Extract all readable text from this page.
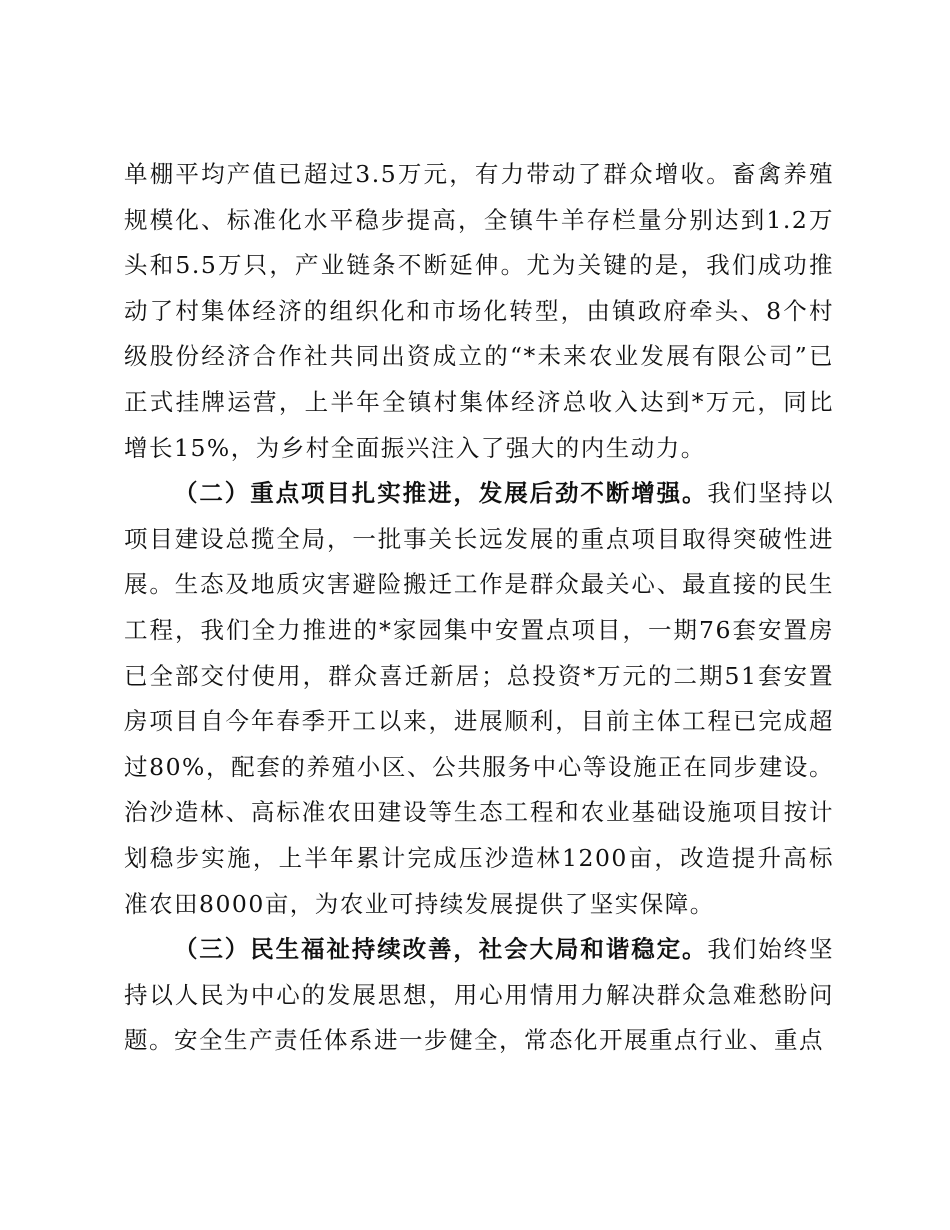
单棚平均产值已超过3.5万元，有力带动了群众增收。畜禽养殖规模化、标准化水平稳步提高，全镇牛羊存栏量分别达到1.2万头和5.5万只，产业链条不断延伸。尤为关键的是，我们成功推动了村集体经济的组织化和市场化转型，由镇政府牵头、8个村级股份经济合作社共同出资成立的“*未来农业发展有限公司”已正式挂牌运营，上半年全镇村集体经济总收入达到*万元，同比增长15%，为乡村全面振兴注入了强大的内生动力。

（二）重点项目扎实推进，发展后劲不断增强。我们坚持以项目建设总揽全局，一批事关长远发展的重点项目取得突破性进展。生态及地质灾害避险搬迁工作是群众最关心、最直接的民生工程，我们全力推进的*家园集中安置点项目，一期76套安置房已全部交付使用，群众喜迁新居；总投资*万元的二期51套安置房项目自今年春季开工以来，进展顺利，目前主体工程已完成超过80%，配套的养殖小区、公共服务中心等设施正在同步建设。治沙造林、高标准农田建设等生态工程和农业基础设施项目按计划稳步实施，上半年累计完成压沙造林1200亩，改造提升高标准农田8000亩，为农业可持续发展提供了坚实保障。

（三）民生福祉持续改善，社会大局和谐稳定。我们始终坚持以人民为中心的发展思想，用心用情用力解决群众急难愁盼问题。安全生产责任体系进一步健全，常态化开展重点行业、重点
